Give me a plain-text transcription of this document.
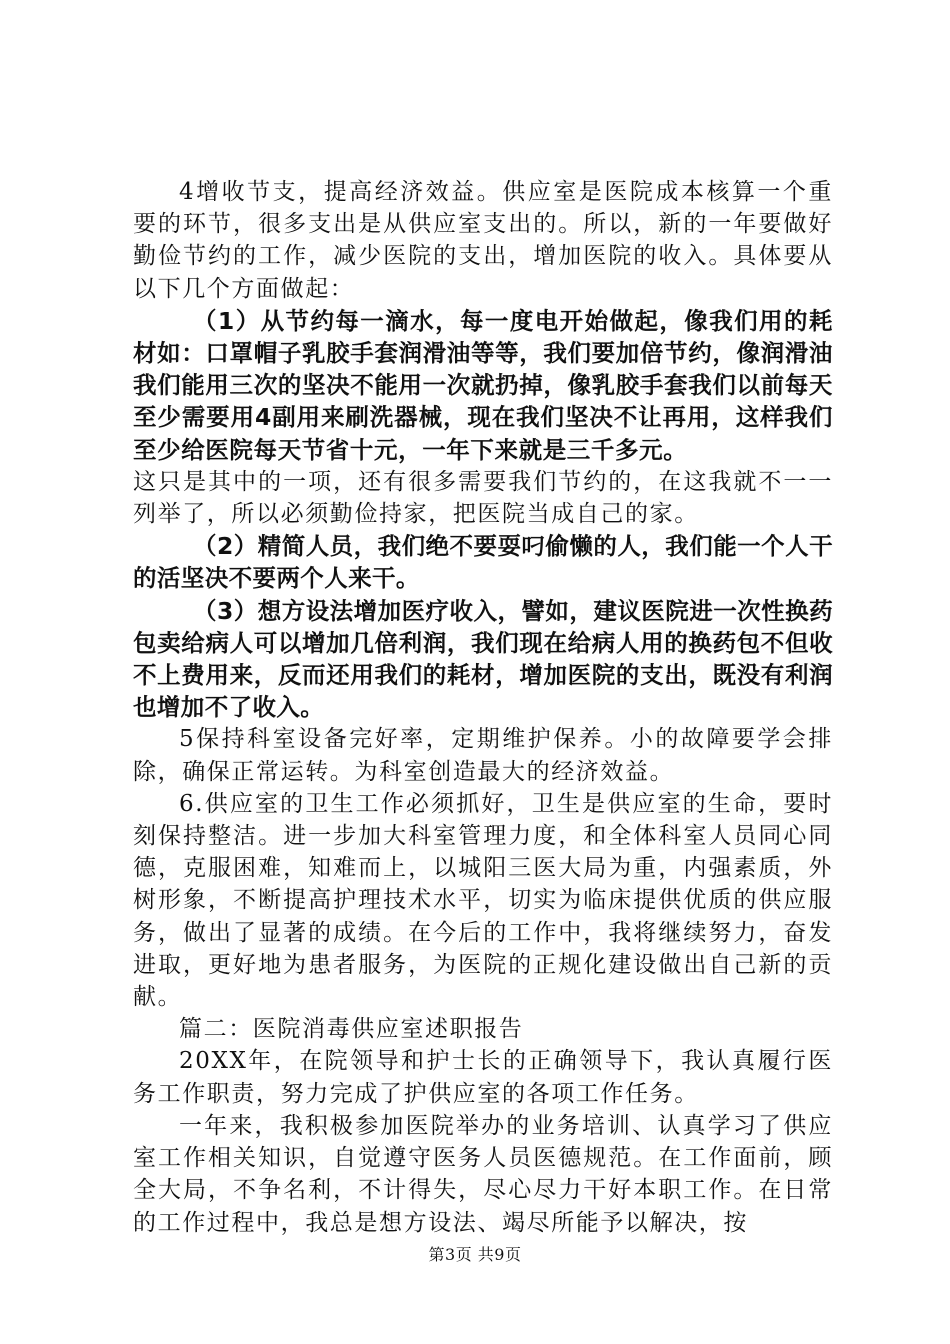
4增收节支，提高经济效益。供应室是医院成本核算一个重要的环节，很多支出是从供应室支出的。所以，新的一年要做好勤俭节约的工作，减少医院的支出，增加医院的收入。具体要从以下几个方面做起：

（1）从节约每一滴水，每一度电开始做起，像我们用的耗材如：口罩帽子乳胶手套润滑油等等，我们要加倍节约，像润滑油我们能用三次的坚决不能用一次就扔掉，像乳胶手套我们以前每天至少需要用4副用来刷洗器械，现在我们坚决不让再用，这样我们至少给医院每天节省十元，一年下来就是三千多元。

这只是其中的一项，还有很多需要我们节约的，在这我就不一一列举了，所以必须勤俭持家，把医院当成自己的家。

（2）精简人员，我们绝不要耍叼偷懒的人，我们能一个人干的活坚决不要两个人来干。

（3）想方设法增加医疗收入，譬如，建议医院进一次性换药包卖给病人可以增加几倍利润，我们现在给病人用的换药包不但收不上费用来，反而还用我们的耗材，增加医院的支出，既没有利润也增加不了收入。

5保持科室设备完好率，定期维护保养。小的故障要学会排除，确保正常运转。为科室创造最大的经济效益。

6.供应室的卫生工作必须抓好，卫生是供应室的生命，要时刻保持整洁。进一步加大科室管理力度，和全体科室人员同心同德，克服困难，知难而上，以城阳三医大局为重，内强素质，外树形象，不断提高护理技术水平，切实为临床提供优质的供应服务，做出了显著的成绩。在今后的工作中，我将继续努力，奋发进取，更好地为患者服务，为医院的正规化建设做出自己新的贡献。

篇二：医院消毒供应室述职报告

20XX年，在院领导和护士长的正确领导下，我认真履行医务工作职责，努力完成了护供应室的各项工作任务。

一年来，我积极参加医院举办的业务培训、认真学习了供应室工作相关知识，自觉遵守医务人员医德规范。在工作面前，顾全大局，不争名利，不计得失，尽心尽力干好本职工作。在日常的工作过程中，我总是想方设法、竭尽所能予以解决，按

第3页 共9页
